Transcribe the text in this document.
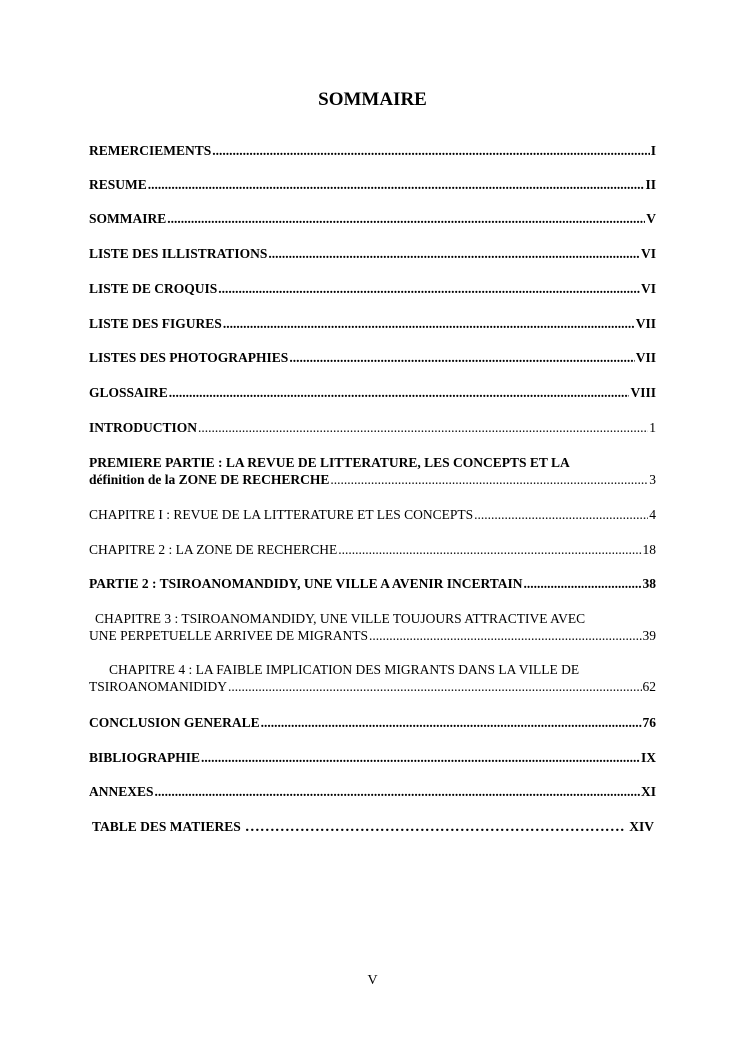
SOMMAIRE
REMERCIEMENTS .....	I
RESUME .....	II
SOMMAIRE .....	V
LISTE DES ILLISTRATIONS .....	VI
LISTE DE CROQUIS .....	VI
LISTE DES FIGURES .....	VII
LISTES DES PHOTOGRAPHIES .....	VII
GLOSSAIRE .....	VIII
INTRODUCTION .....	1
PREMIERE PARTIE : LA REVUE DE LITTERATURE, LES CONCEPTS ET LA
définition de la ZONE DE RECHERCHE .....	3
CHAPITRE I : REVUE DE LA LITTERATURE ET LES CONCEPTS .....	4
CHAPITRE 2 : LA ZONE DE RECHERCHE .....	18
PARTIE 2 : TSIROANOMANDIDY, UNE VILLE A AVENIR INCERTAIN .....	38
CHAPITRE 3 : TSIROANOMANDIDY, UNE VILLE TOUJOURS ATTRACTIVE AVEC
UNE PERPETUELLE ARRIVEE DE MIGRANTS .....	39
CHAPITRE 4 : LA FAIBLE IMPLICATION DES MIGRANTS DANS LA VILLE DE
TSIROANOMANIDIDY .....	62
CONCLUSION GENERALE .....	76
BIBLIOGRAPHIE .....	IX
ANNEXES .....	XI
TABLE DES MATIERES ……………………………………………………………………………………………………………………………………………………	XIV
V
